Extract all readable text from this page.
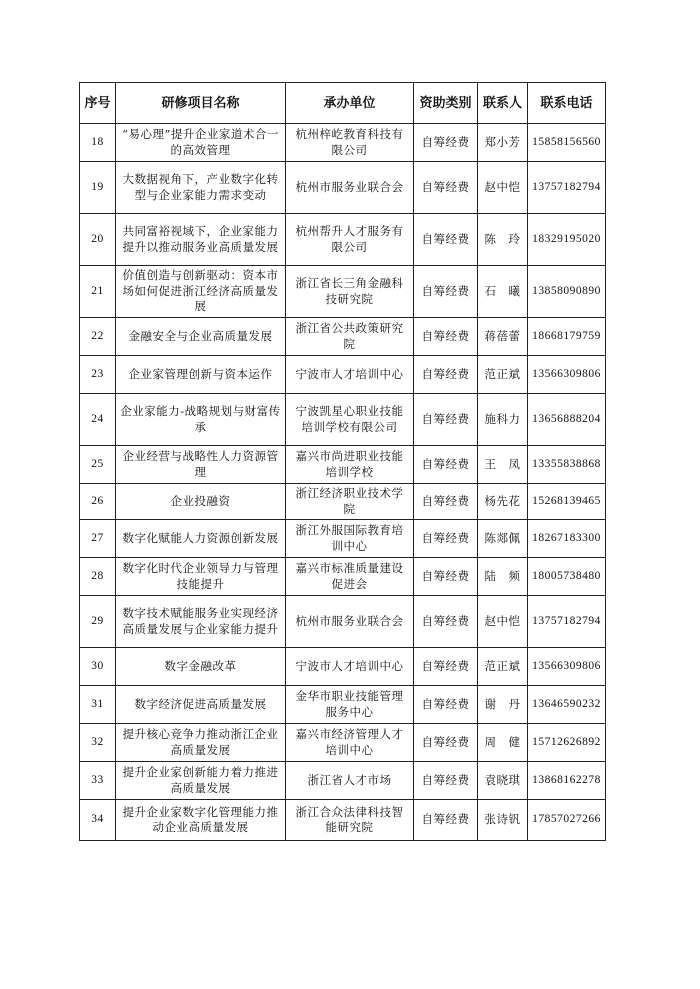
序号	研修项目名称	承办单位	资助类别	联系人	联系电话
18	“易心理”提升企业家道术合一的高效管理	杭州梓屹教育科技有限公司	自筹经费	郑小芳	15858156560
19	大数据视角下，产业数字化转型与企业家能力需求变动	杭州市服务业联合会	自筹经费	赵中恺	13757182794
20	共同富裕视域下，企业家能力提升以推动服务业高质量发展	杭州帮升人才服务有限公司	自筹经费	陈　玲	18329195020
21	价值创造与创新驱动：资本市场如何促进浙江经济高质量发展	浙江省长三角金融科技研究院	自筹经费	石　曦	13858090890
22	金融安全与企业高质量发展	浙江省公共政策研究院	自筹经费	蒋蓓蕾	18668179759
23	企业家管理创新与资本运作	宁波市人才培训中心	自筹经费	范正斌	13566309806
24	企业家能力-战略规划与财富传承	宁波凯星心职业技能培训学校有限公司	自筹经费	施科力	13656888204
25	企业经营与战略性人力资源管理	嘉兴市尚进职业技能培训学校	自筹经费	王　凤	13355838868
26	企业投融资	浙江经济职业技术学院	自筹经费	杨先花	15268139465
27	数字化赋能人力资源创新发展	浙江外服国际教育培训中心	自筹经费	陈郯佩	18267183300
28	数字化时代企业领导力与管理技能提升	嘉兴市标准质量建设促进会	自筹经费	陆　频	18005738480
29	数字技术赋能服务业实现经济高质量发展与企业家能力提升	杭州市服务业联合会	自筹经费	赵中恺	13757182794
30	数字金融改革	宁波市人才培训中心	自筹经费	范正斌	13566309806
31	数字经济促进高质量发展	金华市职业技能管理服务中心	自筹经费	谢　丹	13646590232
32	提升核心竞争力推动浙江企业高质量发展	嘉兴市经济管理人才培训中心	自筹经费	周　健	15712626892
33	提升企业家创新能力着力推进高质量发展	浙江省人才市场	自筹经费	袁晓琪	13868162278
34	提升企业家数字化管理能力推动企业高质量发展	浙江合众法律科技智能研究院	自筹经费	张诗钒	17857027266
